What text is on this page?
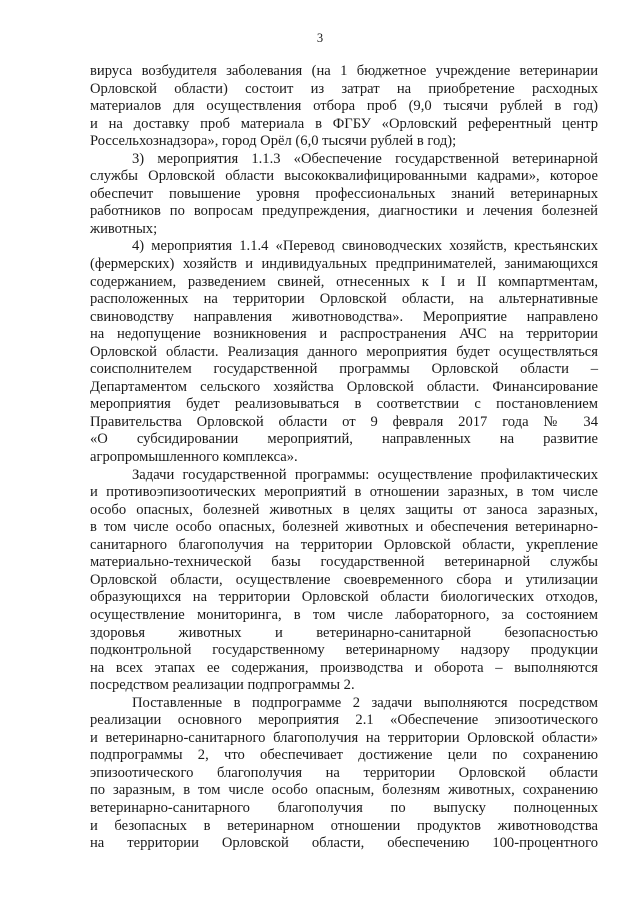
3
вируса возбудителя заболевания (на 1 бюджетное учреждение ветеринарии
Орловской области) состоит из затрат на приобретение расходных
материалов для осуществления отбора проб (9,0 тысячи рублей в год)
и на доставку проб материала в ФГБУ «Орловский референтный центр
Россельхознадзора», город Орёл (6,0 тысячи рублей в год);
3) мероприятия 1.1.3 «Обеспечение государственной ветеринарной
службы Орловской области высококвалифицированными кадрами», которое
обеспечит повышение уровня профессиональных знаний ветеринарных
работников по вопросам предупреждения, диагностики и лечения болезней
животных;
4) мероприятия 1.1.4 «Перевод свиноводческих хозяйств, крестьянских
(фермерских) хозяйств и индивидуальных предпринимателей, занимающихся
содержанием, разведением свиней, отнесенных к I и II компартментам,
расположенных на территории Орловской области, на альтернативные
свиноводству направления животноводства». Мероприятие направлено
на недопущение возникновения и распространения АЧС на территории
Орловской области. Реализация данного мероприятия будет осуществляться
соисполнителем государственной программы Орловской области –
Департаментом сельского хозяйства Орловской области. Финансирование
мероприятия будет реализовываться в соответствии с постановлением
Правительства Орловской области от 9 февраля 2017 года № 34
«О субсидировании мероприятий, направленных на развитие
агропромышленного комплекса».
Задачи государственной программы: осуществление профилактических
и противоэпизоотических мероприятий в отношении заразных, в том числе
особо опасных, болезней животных в целях защиты от заноса заразных,
в том числе особо опасных, болезней животных и обеспечения ветеринарно-
санитарного благополучия на территории Орловской области, укрепление
материально-технической базы государственной ветеринарной службы
Орловской области, осуществление своевременного сбора и утилизации
образующихся на территории Орловской области биологических отходов,
осуществление мониторинга, в том числе лабораторного, за состоянием
здоровья животных и ветеринарно-санитарной безопасностью
подконтрольной государственному ветеринарному надзору продукции
на всех этапах ее содержания, производства и оборота – выполняются
посредством реализации подпрограммы 2.
Поставленные в подпрограмме 2 задачи выполняются посредством
реализации основного мероприятия 2.1 «Обеспечение эпизоотического
и ветеринарно-санитарного благополучия на территории Орловской области»
подпрограммы 2, что обеспечивает достижение цели по сохранению
эпизоотического благополучия на территории Орловской области
по заразным, в том числе особо опасным, болезням животных, сохранению
ветеринарно-санитарного благополучия по выпуску полноценных
и безопасных в ветеринарном отношении продуктов животноводства
на территории Орловской области, обеспечению 100-процентного
